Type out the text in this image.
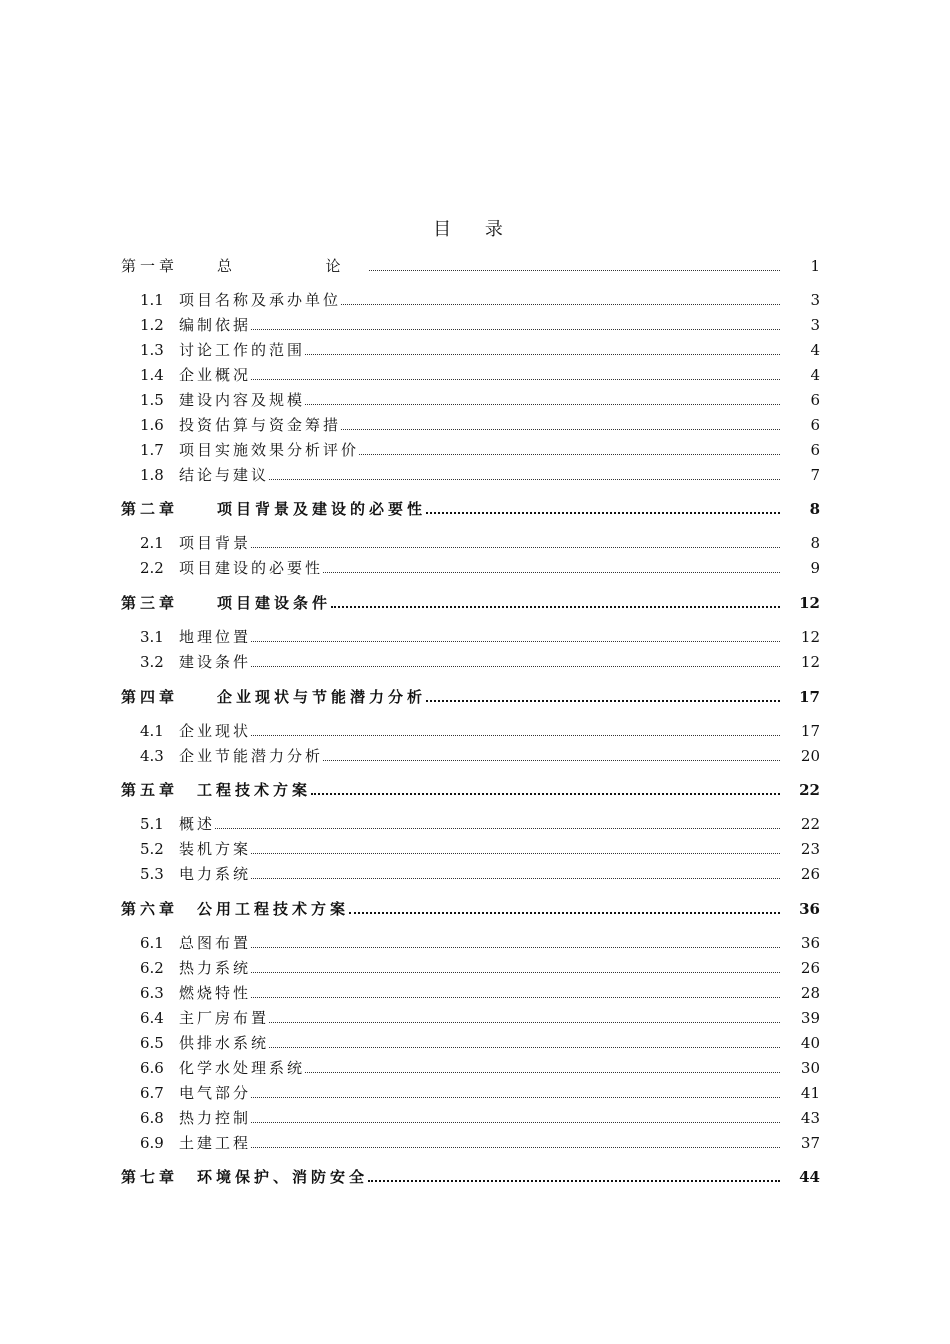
目 录
第一章	总  论	1
1.1	项目名称及承办单位	3
1.2	编制依据	3
1.3	讨论工作的范围	4
1.4	企业概况	4
1.5	建设内容及规模	6
1.6	投资估算与资金筹措	6
1.7	项目实施效果分析评价	6
1.8	结论与建议	7
第二章	项目背景及建设的必要性	8
2.1	项目背景	8
2.2	项目建设的必要性	9
第三章	项目建设条件	12
3.1	地理位置	12
3.2	建设条件	12
第四章	企业现状与节能潜力分析	17
4.1	企业现状	17
4.3	企业节能潜力分析	20
第五章	工程技术方案	22
5.1	概述	22
5.2	装机方案	23
5.3	电力系统	26
第六章	公用工程技术方案	36
6.1	总图布置	36
6.2	热力系统	26
6.3	燃烧特性	28
6.4	主厂房布置	39
6.5	供排水系统	40
6.6	化学水处理系统	30
6.7	电气部分	41
6.8	热力控制	43
6.9	土建工程	37
第七章	环境保护、消防安全	44
